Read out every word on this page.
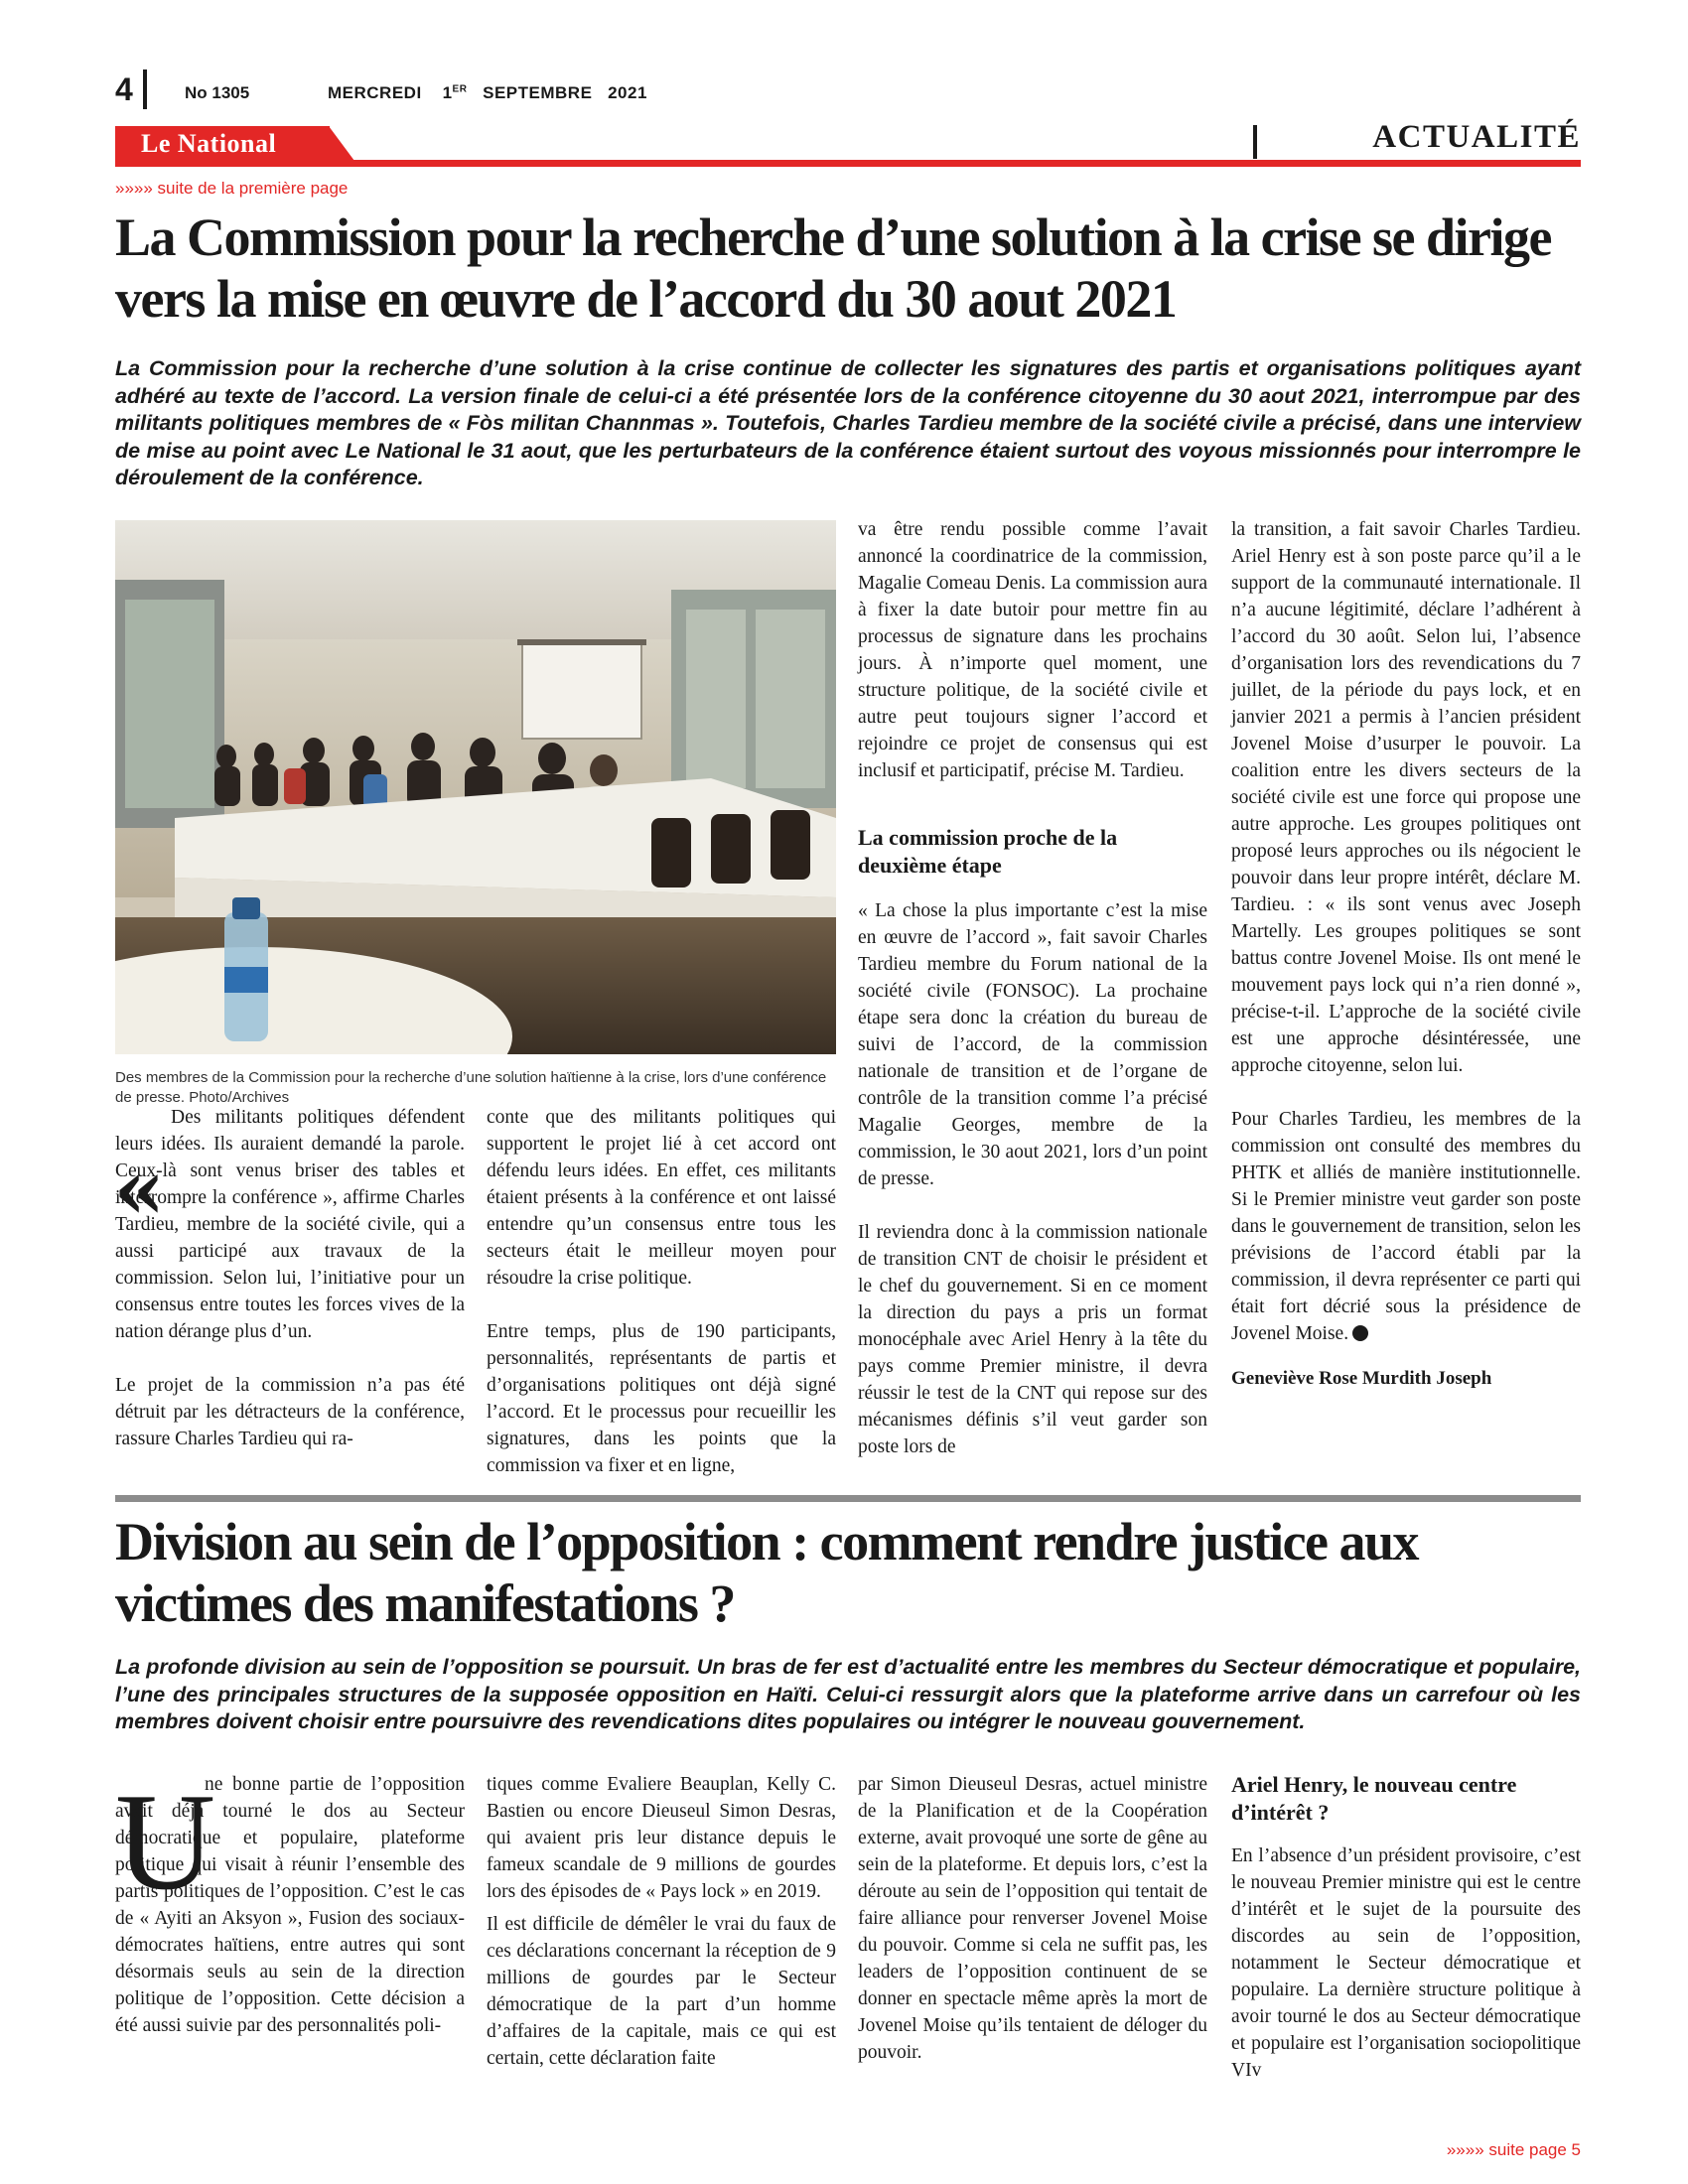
4	No 1305	MERCREDI 1ER SEPTEMBRE   2021
Le National	ACTUALITÉ
»»»» suite de la première page
La Commission pour la recherche d’une solution à la crise se dirige vers la mise en œuvre de l’accord du 30 aout 2021
La Commission pour la recherche d’une solution à la crise continue de collecter les signatures des partis et organisations politiques ayant adhéré au texte de l’accord. La version finale de celui-ci a été présentée lors de la conférence citoyenne du 30 aout 2021, interrompue par des militants politiques membres de « Fòs militan Channmas ». Toutefois, Charles Tardieu membre de la société civile a précisé, dans une interview de mise au point avec Le National le 31 aout, que les perturbateurs de la conférence étaient surtout des voyous missionnés pour interrompre le déroulement de la conférence.
Des membres de la Commission pour la recherche d’une solution haïtienne à la crise, lors d’une conférence de presse. Photo/Archives
«

Des militants politiques défendent leurs idées. Ils auraient demandé la parole. Ceux-là sont venus briser des tables et interrompre la conférence », affirme Charles Tardieu, membre de la société civile, qui a aussi participé aux travaux de la commission. Selon lui, l’initiative pour un consensus entre toutes les forces vives de la nation dérange plus d’un.

Le projet de la commission n’a pas été détruit par les détracteurs de la conférence, rassure Charles Tardieu qui ra-

conte que des militants politiques qui supportent le projet lié à cet accord ont défendu leurs idées. En effet, ces militants étaient présents à la conférence et ont laissé entendre qu’un consensus entre tous les secteurs était le meilleur moyen pour résoudre la crise politique.

Entre temps, plus de 190 participants, personnalités, représentants de partis et d’organisations politiques ont déjà signé l’accord. Et le processus pour recueillir les signatures, dans les points que la commission va fixer et en ligne,

va être rendu possible comme l’avait annoncé la coordinatrice de la commission, Magalie Comeau Denis. La commission aura à fixer la date butoir pour mettre fin au processus de signature dans les prochains jours. À n’importe quel moment, une structure politique, de la société civile et autre peut toujours signer l’accord et rejoindre ce projet de consensus qui est inclusif et participatif, précise M. Tardieu.

La commission proche de la deuxième étape

« La chose la plus importante c’est la mise en œuvre de l’accord », fait savoir Charles Tardieu membre du Forum national de la société civile (FONSOC). La prochaine étape sera donc la création du bureau de suivi de l’accord, de la commission nationale de transition et de l’organe de contrôle de la transition comme l’a précisé Magalie Georges, membre de la commission, le 30 aout 2021, lors d’un point de presse.

Il reviendra donc à la commission nationale de transition CNT de choisir le président et le chef du gouvernement. Si en ce moment la direction du pays a pris un format monocéphale avec Ariel Henry à la tête du pays comme Premier ministre, il devra réussir le test de la CNT qui repose sur des mécanismes définis s’il veut garder son poste lors de

la transition, a fait savoir Charles Tardieu. Ariel Henry est à son poste parce qu’il a le support de la communauté internationale. Il n’a aucune légitimité, déclare l’adhérent à l’accord du 30 août. Selon lui, l’absence d’organisation lors des revendications du 7 juillet, de la période du pays lock, et en janvier 2021 a permis à l’ancien président Jovenel Moise d’usurper le pouvoir. La coalition entre les divers secteurs de la société civile est une force qui propose une autre approche. Les groupes politiques ont proposé leurs approches ou ils négocient le pouvoir dans leur propre intérêt, déclare M. Tardieu. : « ils sont venus avec Joseph Martelly. Les groupes politiques se sont battus contre Jovenel Moise. Ils ont mené le mouvement pays lock qui n’a rien donné », précise-t-il. L’approche de la société civile est une approche désintéressée, une approche citoyenne, selon lui.

Pour Charles Tardieu, les membres de la commission ont consulté des membres du PHTK et alliés de manière institutionnelle. Si le Premier ministre veut garder son poste dans le gouvernement de transition, selon les prévisions de l’accord établi par la commission, il devra représenter ce parti qui était fort décrié sous la présidence de Jovenel Moise.

Geneviève Rose Murdith Joseph
Division au sein de l’opposition : comment rendre justice aux victimes des manifestations ?
La profonde division au sein de l’opposition se poursuit. Un bras de fer est d’actualité entre les membres du Secteur démocratique et populaire, l’une des principales structures de la supposée opposition en Haïti. Celui-ci ressurgit alors que la plateforme arrive dans un carrefour où les membres doivent choisir entre poursuivre des revendications dites populaires ou intégrer le nouveau gouvernement.
U

ne bonne partie de l’opposition avait déjà tourné le dos au Secteur démocratique et populaire, plateforme politique qui visait à réunir l’ensemble des partis politiques de l’opposition. C’est le cas de « Ayiti an Aksyon », Fusion des sociaux-démocrates haïtiens, entre autres qui sont désormais seuls au sein de la direction politique de l’opposition. Cette décision a été aussi suivie par des personnalités poli-

tiques comme Evaliere Beauplan, Kelly C. Bastien ou encore Dieuseul Simon Desras, qui avaient pris leur distance depuis le fameux scandale de 9 millions de gourdes lors des épisodes de « Pays lock » en 2019.

Il est difficile de démêler le vrai du faux de ces déclarations concernant la réception de 9 millions de gourdes par le Secteur démocratique de la part d’un homme d’affaires de la capitale, mais ce qui est certain, cette déclaration faite

par Simon Dieuseul Desras, actuel ministre de la Planification et de la Coopération externe, avait provoqué une sorte de gêne au sein de la plateforme. Et depuis lors, c’est la déroute au sein de l’opposition qui tentait de faire alliance pour renverser Jovenel Moise du pouvoir. Comme si cela ne suffit pas, les leaders de l’opposition continuent de se donner en spectacle même après la mort de Jovenel Moise qu’ils tentaient de déloger du pouvoir.

Ariel Henry, le nouveau centre d’intérêt ?

En l’absence d’un président provisoire, c’est le nouveau Premier ministre qui est le centre d’intérêt et le sujet de la poursuite des discordes au sein de l’opposition, notamment le Secteur démocratique et populaire. La dernière structure politique à avoir tourné le dos au Secteur démocratique et populaire est l’organisation sociopolitique VIv

»»»» suite page 5
